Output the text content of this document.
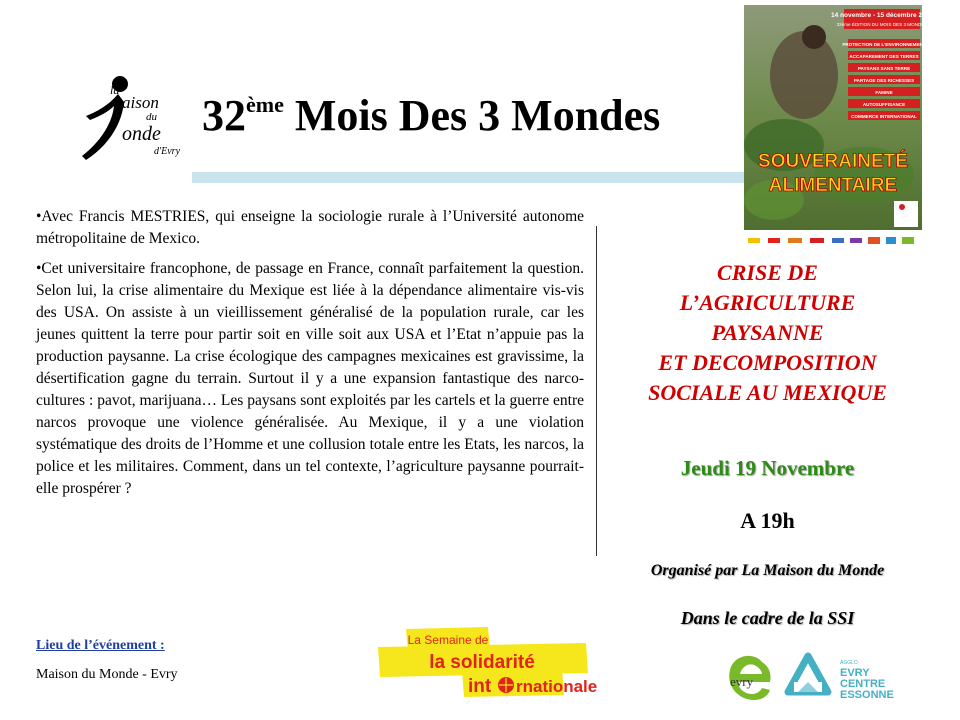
la
aison
du
onde
d'Evry
32ème Mois Des 3 Mondes
14 novembre - 15 décembre 2015
32ème ÉDITION DU MOIS DES 3 MONDES
PROTECTION DE L'ENVIRONNEMENT
ACCAPAREMENT DES TERRES
PAYSANS SANS TERRE
PARTAGE DES RICHESSES
FAMINE
AUTOSUFFISANCE
COMMERCE INTERNATIONAL
SOUVERAINETÉ
ALIMENTAIRE

•Avec Francis MESTRIES, qui enseigne la sociologie rurale à l’Université autonome métropolitaine de Mexico.

•Cet universitaire francophone, de passage en France, connaît parfaitement la question. Selon lui, la crise alimentaire du Mexique est liée à la dépendance alimentaire vis-vis des USA. On assiste à un vieillissement généralisé de la population rurale, car les jeunes quittent la terre pour partir soit en ville soit aux USA et l’Etat n’appuie pas la production paysanne. La crise écologique des campagnes mexicaines est gravissime, la désertification gagne du terrain. Surtout il y a une expansion fantastique des narco-cultures : pavot, marijuana… Les paysans sont exploités par les cartels et la guerre entre narcos provoque une violence généralisée. Au Mexique, il y a une violation systématique des droits de l’Homme et une collusion totale entre les Etats, les narcos, la police et les militaires. Comment, dans un tel contexte, l’agriculture paysanne pourrait-elle prospérer ?

CRISE DE
L’AGRICULTURE
PAYSANNE
ET DECOMPOSITION
SOCIALE AU MEXIQUE
Jeudi 19 Novembre
A 19h
Organisé par La Maison du Monde
Dans le cadre de la SSI
Lieu de l’événement :
Maison du Monde - Evry
La Semaine de
la solidarité
int rnationale	evry
AGGLO
EVRY
CENTRE
ESSONNE
